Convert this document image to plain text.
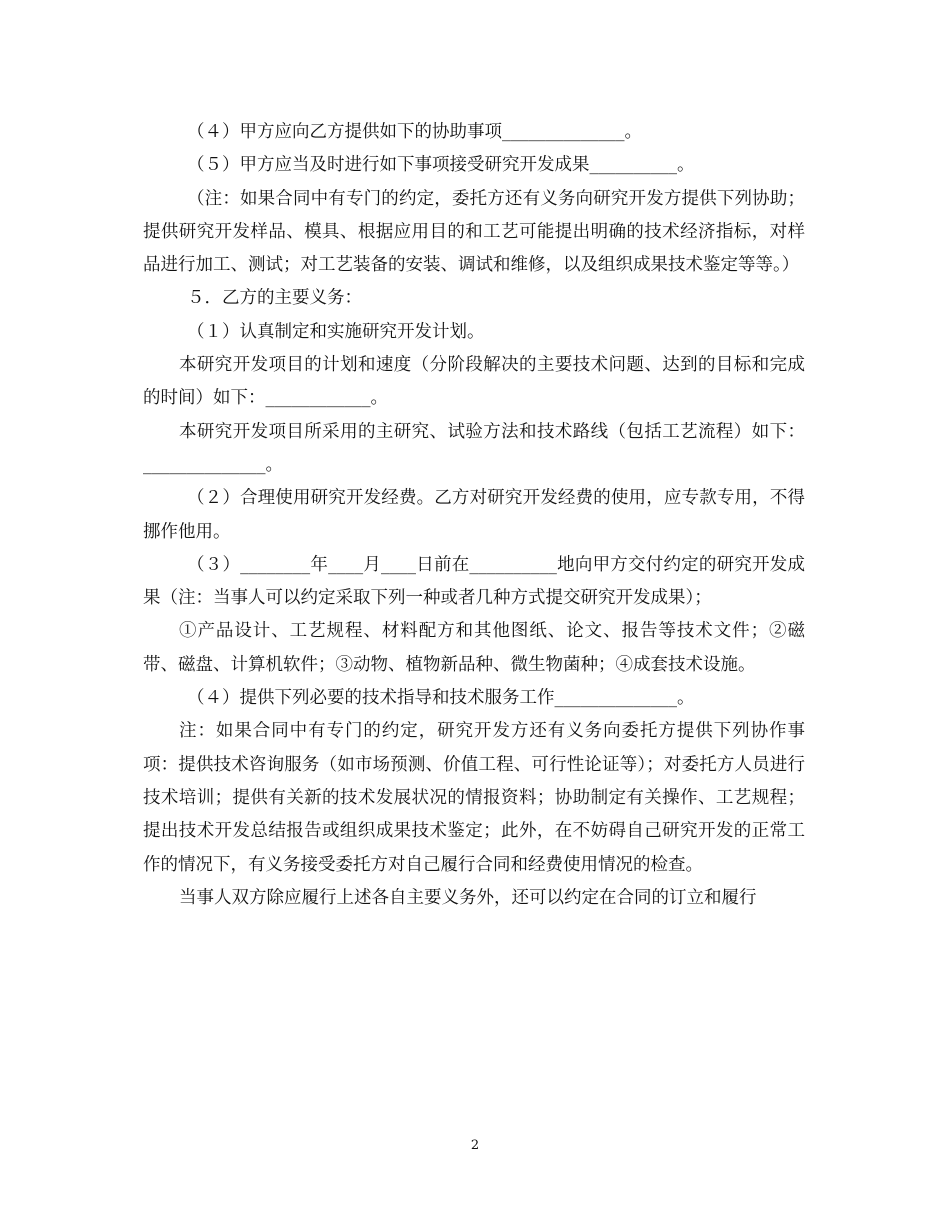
（４）甲方应向乙方提供如下的协助事项______________。

（５）甲方应当及时进行如下事项接受研究开发成果__________。

（注：如果合同中有专门的约定，委托方还有义务向研究开发方提供下列协助；提供研究开发样品、模具、根据应用目的和工艺可能提出明确的技术经济指标，对样品进行加工、测试；对工艺装备的安装、调试和维修，以及组织成果技术鉴定等等。）

５．乙方的主要义务：

（１）认真制定和实施研究开发计划。

本研究开发项目的计划和速度（分阶段解决的主要技术问题、达到的目标和完成的时间）如下：____________。

本研究开发项目所采用的主研究、试验方法和技术路线（包括工艺流程）如下：______________。

（２）合理使用研究开发经费。乙方对研究开发经费的使用，应专款专用，不得挪作他用。

（３）________年____月____日前在__________地向甲方交付约定的研究开发成果（注：当事人可以约定采取下列一种或者几种方式提交研究开发成果）；

①产品设计、工艺规程、材料配方和其他图纸、论文、报告等技术文件；②磁带、磁盘、计算机软件；③动物、植物新品种、微生物菌种；④成套技术设施。

（４）提供下列必要的技术指导和技术服务工作______________。

注：如果合同中有专门的约定，研究开发方还有义务向委托方提供下列协作事项：提供技术咨询服务（如市场预测、价值工程、可行性论证等）；对委托方人员进行技术培训；提供有关新的技术发展状况的情报资料；协助制定有关操作、工艺规程；提出技术开发总结报告或组织成果技术鉴定；此外，在不妨碍自己研究开发的正常工作的情况下，有义务接受委托方对自己履行合同和经费使用情况的检查。

当事人双方除应履行上述各自主要义务外，还可以约定在合同的订立和履行

2
